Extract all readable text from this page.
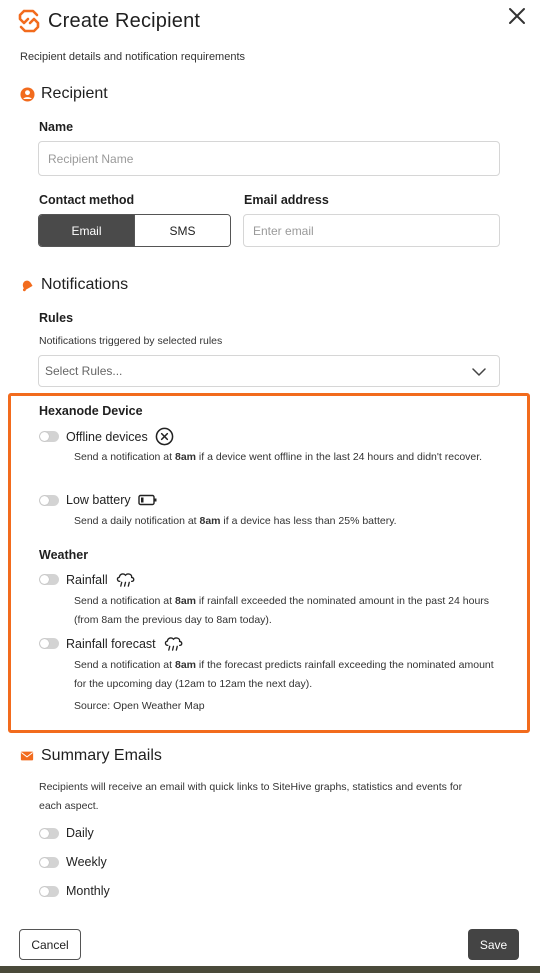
Create Recipient
Recipient details and notification requirements
Recipient
Name
Recipient Name
Contact method
Email	SMS
Email address
Enter email
Notifications
Rules
Notifications triggered by selected rules
Select Rules...
Hexanode Device
Offline devices
Send a notification at 8am if a device went offline in the last 24 hours and didn't recover.
Low battery
Send a daily notification at 8am if a device has less than 25% battery.
Weather
Rainfall
Send a notification at 8am if rainfall exceeded the nominated amount in the past 24 hours (from 8am the previous day to 8am today).
Rainfall forecast
Send a notification at 8am if the forecast predicts rainfall exceeding the nominated amount for the upcoming day (12am to 12am the next day).
Source: Open Weather Map
Summary Emails
Recipients will receive an email with quick links to SiteHive graphs, statistics and events for each aspect.
Daily
Weekly
Monthly
Cancel	Save
